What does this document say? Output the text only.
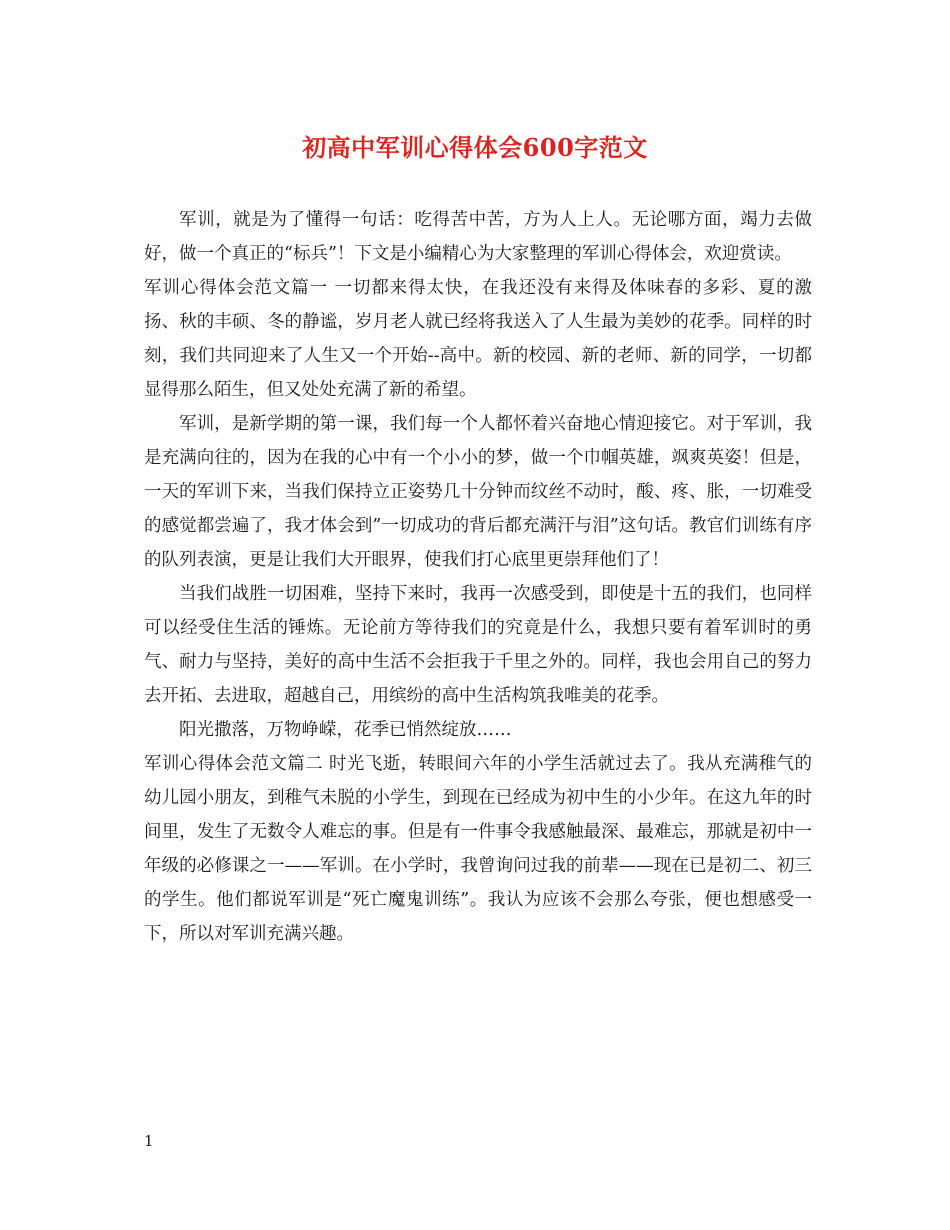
初高中军训心得体会600字范文

军训，就是为了懂得一句话：吃得苦中苦，方为人上人。无论哪方面，竭力去做好，做一个真正的“标兵”！下文是小编精心为大家整理的军训心得体会，欢迎赏读。

军训心得体会范文篇一 一切都来得太快，在我还没有来得及体味春的多彩、夏的激扬、秋的丰硕、冬的静谧，岁月老人就已经将我送入了人生最为美妙的花季。同样的时刻，我们共同迎来了人生又一个开始--高中。新的校园、新的老师、新的同学，一切都显得那么陌生，但又处处充满了新的希望。

军训，是新学期的第一课，我们每一个人都怀着兴奋地心情迎接它。对于军训，我是充满向往的，因为在我的心中有一个小小的梦，做一个巾帼英雄，飒爽英姿！但是，一天的军训下来，当我们保持立正姿势几十分钟而纹丝不动时，酸、疼、胀，一切难受的感觉都尝遍了，我才体会到”一切成功的背后都充满汗与泪”这句话。教官们训练有序的队列表演，更是让我们大开眼界，使我们打心底里更崇拜他们了！

当我们战胜一切困难，坚持下来时，我再一次感受到，即使是十五的我们，也同样可以经受住生活的锤炼。无论前方等待我们的究竟是什么，我想只要有着军训时的勇气、耐力与坚持，美好的高中生活不会拒我于千里之外的。同样，我也会用自己的努力去开拓、去进取，超越自己，用缤纷的高中生活构筑我唯美的花季。

阳光撒落，万物峥嵘，花季已悄然绽放……

军训心得体会范文篇二 时光飞逝，转眼间六年的小学生活就过去了。我从充满稚气的幼儿园小朋友，到稚气未脱的小学生，到现在已经成为初中生的小少年。在这九年的时间里，发生了无数令人难忘的事。但是有一件事令我感触最深、最难忘，那就是初中一年级的必修课之一——军训。在小学时，我曾询问过我的前辈——现在已是初二、初三的学生。他们都说军训是“死亡魔鬼训练”。我认为应该不会那么夸张，便也想感受一下，所以对军训充满兴趣。

1
